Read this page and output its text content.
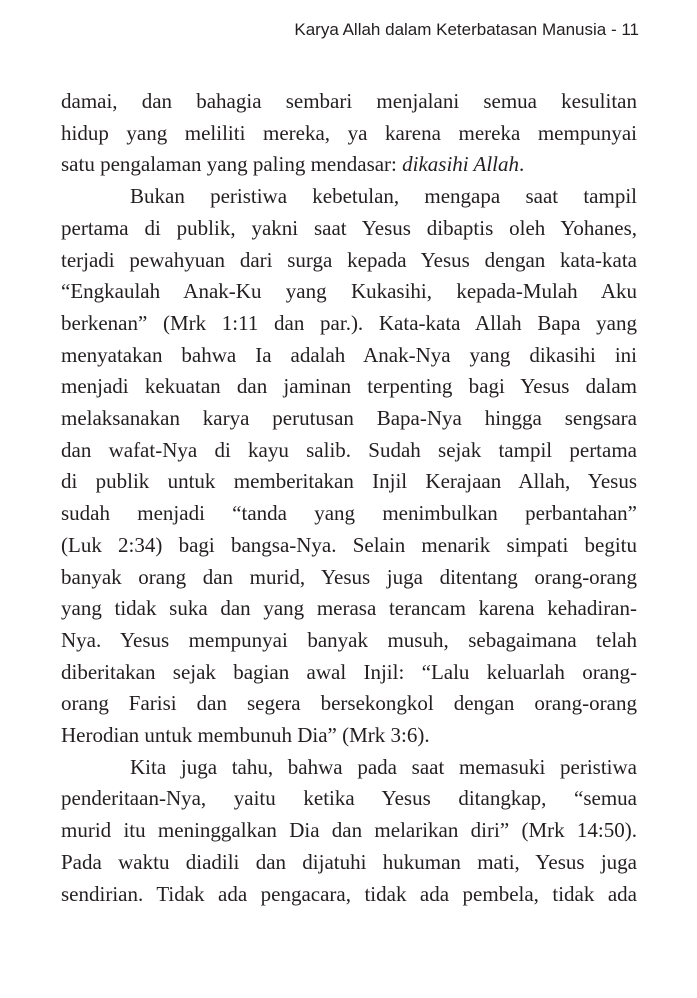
Karya Allah dalam Keterbatasan Manusia - 11

damai, dan bahagia sembari menjalani semua kesulitan
hidup yang meliliti mereka, ya karena mereka mempunyai
satu pengalaman yang paling mendasar: dikasihi Allah.

Bukan peristiwa kebetulan, mengapa saat tampil
pertama di publik, yakni saat Yesus dibaptis oleh Yohanes,
terjadi pewahyuan dari surga kepada Yesus dengan kata-kata
“Engkaulah Anak-Ku yang Kukasihi, kepada-Mulah Aku
berkenan” (Mrk 1:11 dan par.). Kata-kata Allah Bapa yang
menyatakan bahwa Ia adalah Anak-Nya yang dikasihi ini
menjadi kekuatan dan jaminan terpenting bagi Yesus dalam
melaksanakan karya perutusan Bapa-Nya hingga sengsara
dan wafat-Nya di kayu salib. Sudah sejak tampil pertama
di publik untuk memberitakan Injil Kerajaan Allah, Yesus
sudah menjadi “tanda yang menimbulkan perbantahan”
(Luk 2:34) bagi bangsa-Nya. Selain menarik simpati begitu
banyak orang dan murid, Yesus juga ditentang orang-orang
yang tidak suka dan yang merasa terancam karena kehadiran-
Nya. Yesus mempunyai banyak musuh, sebagaimana telah
diberitakan sejak bagian awal Injil: “Lalu keluarlah orang-
orang Farisi dan segera bersekongkol dengan orang-orang
Herodian untuk membunuh Dia” (Mrk 3:6).

Kita juga tahu, bahwa pada saat memasuki peristiwa
penderitaan-Nya, yaitu ketika Yesus ditangkap, “semua
murid itu meninggalkan Dia dan melarikan diri” (Mrk 14:50).
Pada waktu diadili dan dijatuhi hukuman mati, Yesus juga
sendirian. Tidak ada pengacara, tidak ada pembela, tidak ada
